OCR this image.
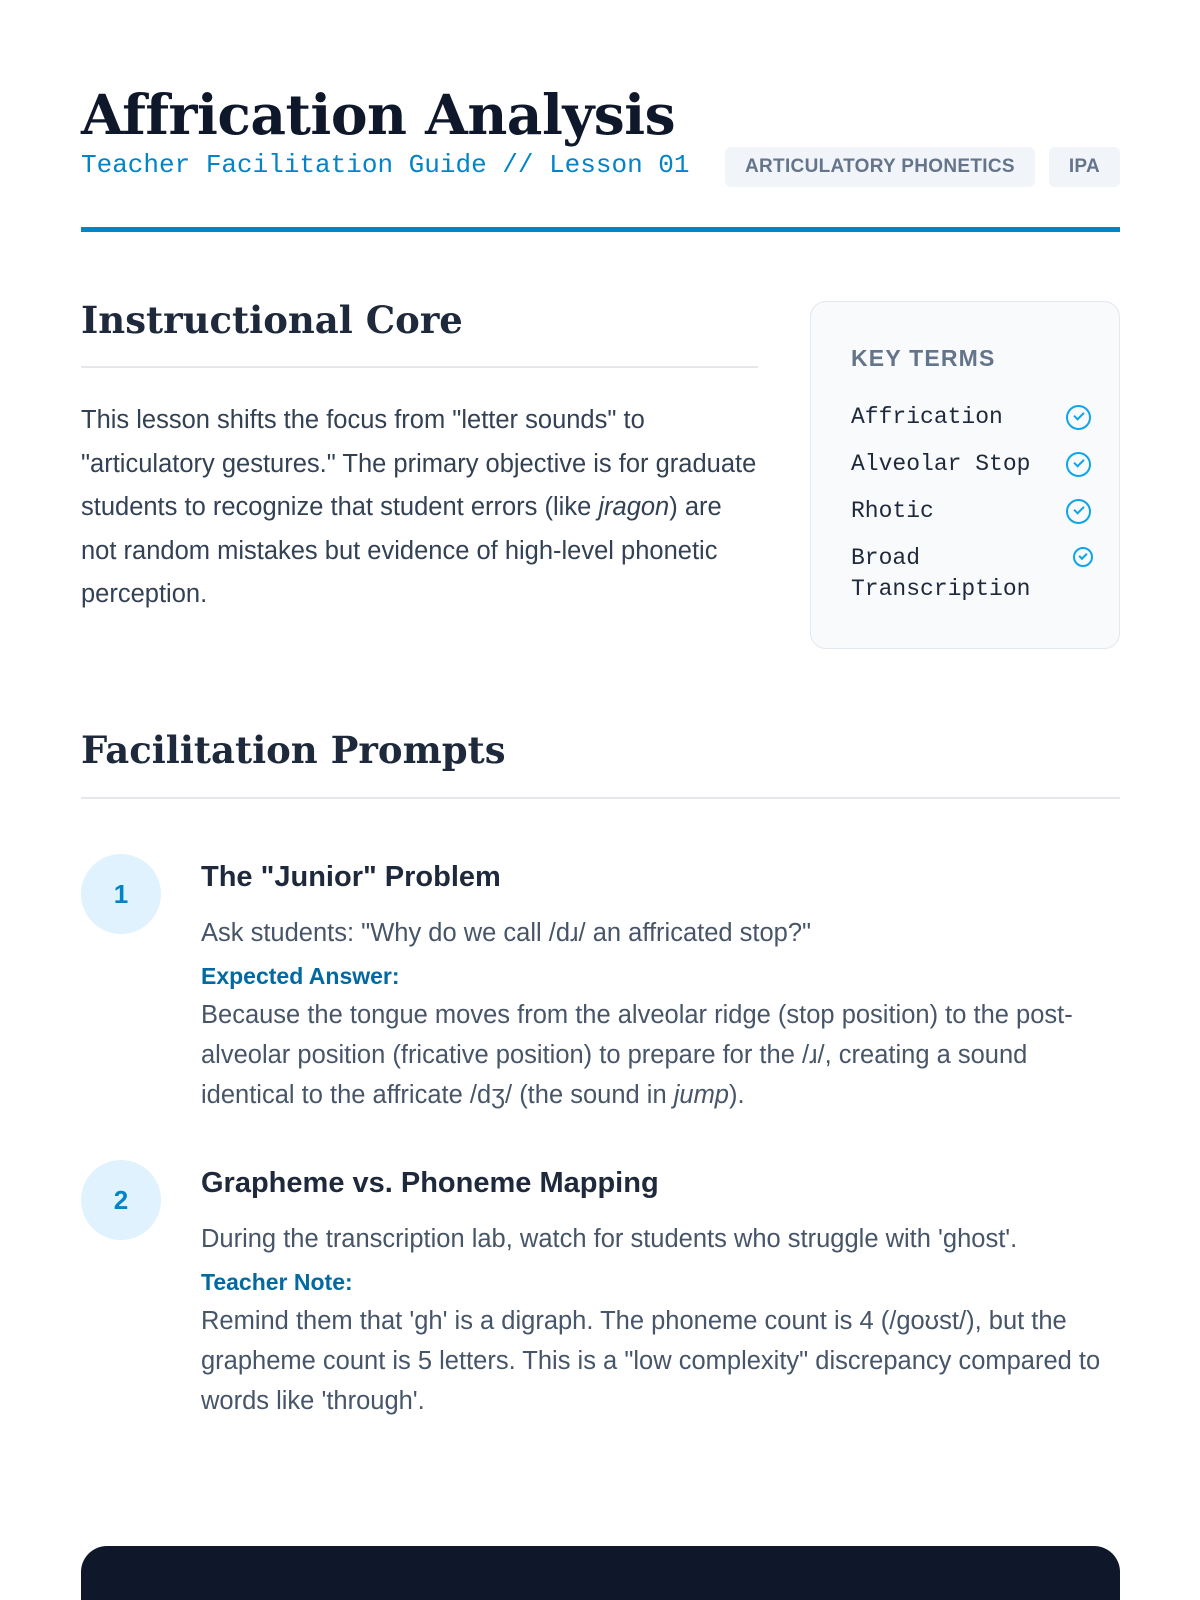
Affrication Analysis
Teacher Facilitation Guide // Lesson 01	ARTICULATORY PHONETICS	IPA
Instructional Core

This lesson shifts the focus from "letter sounds" to "articulatory gestures." The primary objective is for graduate students to recognize that student errors (like jragon) are not random mistakes but evidence of high-level phonetic perception.

KEY TERMS
Affrication
Alveolar Stop
Rhotic
Broad Transcription
Facilitation Prompts
1
The "Junior" Problem
Ask students: "Why do we call /dɹ/ an affricated stop?"
Expected Answer:
Because the tongue moves from the alveolar ridge (stop position) to the post-alveolar position (fricative position) to prepare for the /ɹ/, creating a sound identical to the affricate /dʒ/ (the sound in jump).
2
Grapheme vs. Phoneme Mapping
During the transcription lab, watch for students who struggle with 'ghost'.
Teacher Note:
Remind them that 'gh' is a digraph. The phoneme count is 4 (/goʊst/), but the grapheme count is 5 letters. This is a "low complexity" discrepancy compared to words like 'through'.
